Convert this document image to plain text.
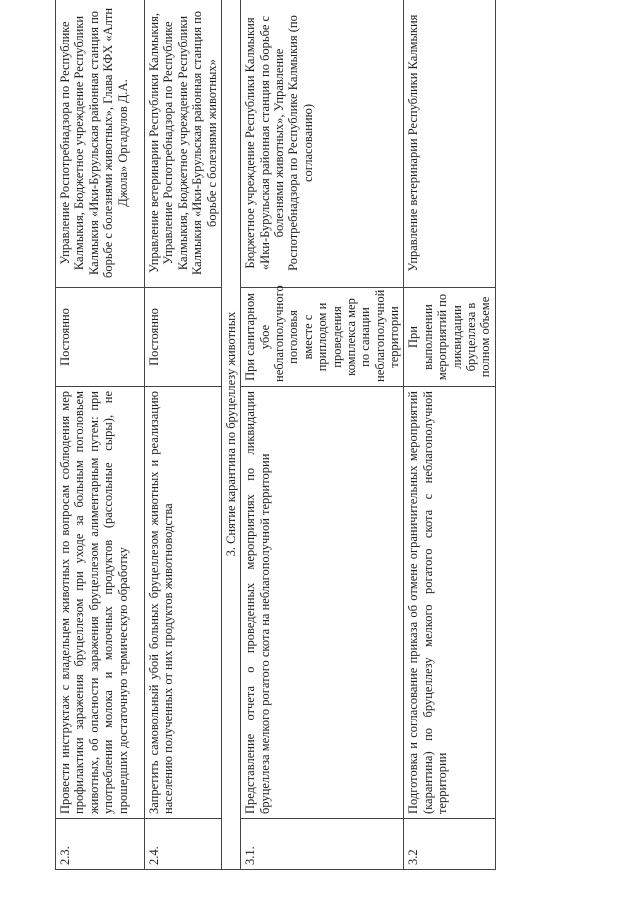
2.3.	Провести инструктаж с владельцем животных по вопросам соблюдения мер профилактики заражения бруцеллезом при уходе за больным поголовьем животных, об опасности заражения бруцеллезом алиментарным путем: при употреблении молока и молочных продуктов (рассольные сыры), не прошедших достаточную термическую обработку	Постоянно	Управление Роспотребнадзора по Республике Калмыкия, Бюджетное учреждение Республики Калмыкия «Ики-Бурульская районная станция по борьбе с болезнями животных», Глава КФХ «Алтн Джола» Оргадулов Д.А.
2.4.	Запретить самовольный убой больных бруцеллезом животных и реализацию населению полученных от них продуктов животноводства	Постоянно	Управление ветеринарии Республики Калмыкия, Управление Роспотребнадзора по Республике Калмыкия, Бюджетное учреждение Республики Калмыкия «Ики-Бурульская районная станция по борьбе с болезнями животных»
3. Снятие карантина по бруцеллезу животных			
3.1.	Представление отчета о проведенных мероприятиях по ликвидации бруцеллеза мелкого рогатого скота на неблагополучной территории	При санитарном убое неблагополучного поголовья вместе с приплодом и проведения комплекса мер по санации неблагополучной территории	Бюджетное учреждение Республики Калмыкия «Ики-Бурульская районная станция по борьбе с болезнями животных», Управление Роспотребнадзора по Республике Калмыкия (по согласованию)
3.2	Подготовка и согласование приказа об отмене ограничительных мероприятий (карантина) по бруцеллезу мелкого рогатого скота с неблагополучной территории	При выполнении мероприятий по ликвидации бруцеллеза в полном объеме	Управление ветеринарии Республики Калмыкия
